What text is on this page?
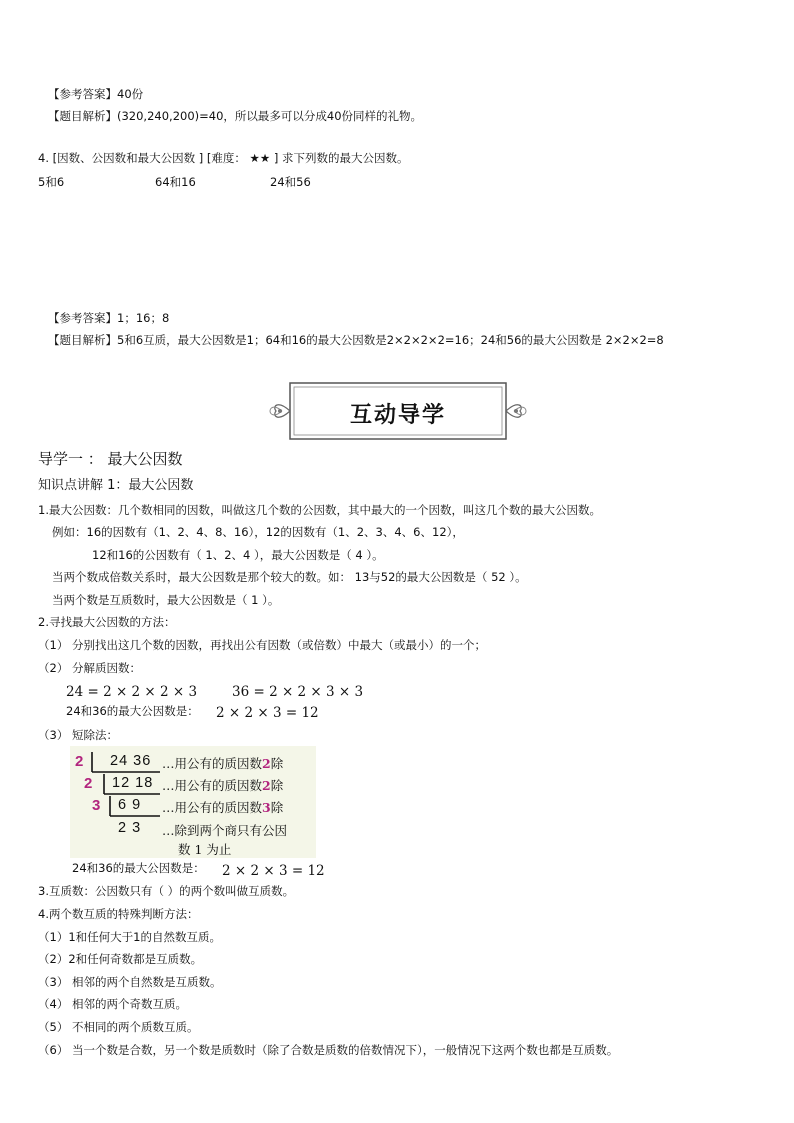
【参考答案】40份
【题目解析】(320,240,200)=40，所以最多可以分成40份同样的礼物。
4. [因数、公因数和最大公因数 ] [难度： ★★ ] 求下列数的最大公因数。
5和6	64和16	24和56
【参考答案】1；16；8
【题目解析】5和6互质，最大公因数是1；64和16的最大公因数是2×2×2×2=16；24和56的最大公因数是 2×2×2=8
互动导学
导学一 ： 最大公因数
知识点讲解 1：最大公因数
1.最大公因数：几个数相同的因数，叫做这几个数的公因数，其中最大的一个因数，叫这几个数的最大公因数。
例如：16的因数有（1、2、4、8、16），12的因数有（1、2、3、4、6、12），
12和16的公因数有（ 1、2、4 ），最大公因数是（ 4 ）。
当两个数成倍数关系时，最大公因数是那个较大的数。如： 13与52的最大公因数是（ 52 ）。
当两个数是互质数时，最大公因数是（ 1 ）。
2.寻找最大公因数的方法：
（1） 分别找出这几个数的因数，再找出公有因数（或倍数）中最大（或最小）的一个；
（2） 分解质因数：
24 = 2 × 2 × 2 × 3	36 = 2 × 2 × 3 × 3
24和36的最大公因数是： 2 × 2 × 3 = 12
（3） 短除法：
2
2
3
24 36
12 18
6 9
2 3
…用公有的质因数2除
…用公有的质因数2除
…用公有的质因数3除
…除到两个商只有公因
数 1 为止
24和36的最大公因数是： 2 × 2 × 3 = 12
3.互质数：公因数只有（ ）的两个数叫做互质数。
4.两个数互质的特殊判断方法：
（1）1和任何大于1的自然数互质。
（2）2和任何奇数都是互质数。
（3） 相邻的两个自然数是互质数。
（4） 相邻的两个奇数互质。
（5） 不相同的两个质数互质。
（6） 当一个数是合数，另一个数是质数时（除了合数是质数的倍数情况下），一般情况下这两个数也都是互质数。
